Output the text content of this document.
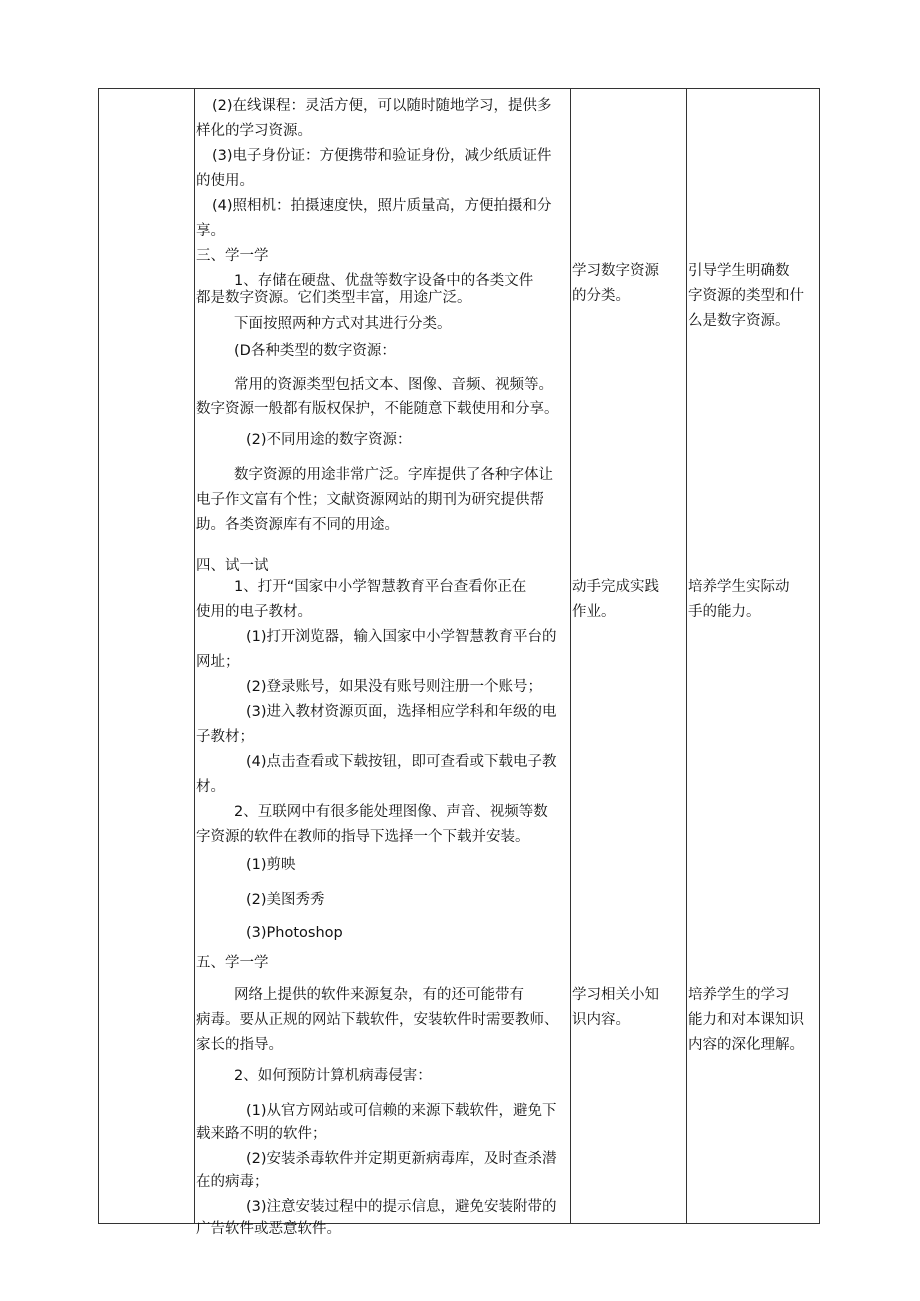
(2)在线课程：灵活方便，可以随时随地学习，提供多
样化的学习资源。
(3)电子身份证：方便携带和验证身份，减少纸质证件
的使用。
(4)照相机：拍摄速度快，照片质量高，方便拍摄和分
享。
三、学一学
1、存储在硬盘、优盘等数字设备中的各类文件
都是数字资源。它们类型丰富，用途广泛。
下面按照两种方式对其进行分类。
(D各种类型的数字资源：
常用的资源类型包括文本、图像、音频、视频等。
数字资源一般都有版权保护，不能随意下载使用和分享。
(2)不同用途的数字资源：
数字资源的用途非常广泛。字库提供了各种字体让
电子作文富有个性；文献资源网站的期刊为研究提供帮
助。各类资源库有不同的用途。
四、试一试
1、打开“国家中小学智慧教育平台查看你正在
使用的电子教材。
(1)打开浏览器，输入国家中小学智慧教育平台的
网址；
(2)登录账号，如果没有账号则注册一个账号；
(3)进入教材资源页面，选择相应学科和年级的电
子教材；
(4)点击查看或下载按钮，即可查看或下载电子教
材。
2、互联网中有很多能处理图像、声音、视频等数
字资源的软件在教师的指导下选择一个下载并安装。
(1)剪映
(2)美图秀秀
(3)Photoshop
五、学一学
网络上提供的软件来源复杂，有的还可能带有
病毒。要从正规的网站下载软件，安装软件时需要教师、
家长的指导。
2、如何预防计算机病毒侵害：
(1)从官方网站或可信赖的来源下载软件，避免下
载来路不明的软件；
(2)安装杀毒软件并定期更新病毒库，及时查杀潜
在的病毒；
(3)注意安装过程中的提示信息，避免安装附带的
广告软件或恶意软件。
学习数字资源
的分类。
动手完成实践
作业。
学习相关小知
识内容。
引导学生明确数
字资源的类型和什
么是数字资源。
培养学生实际动
手的能力。
培养学生的学习
能力和对本课知识
内容的深化理解。
